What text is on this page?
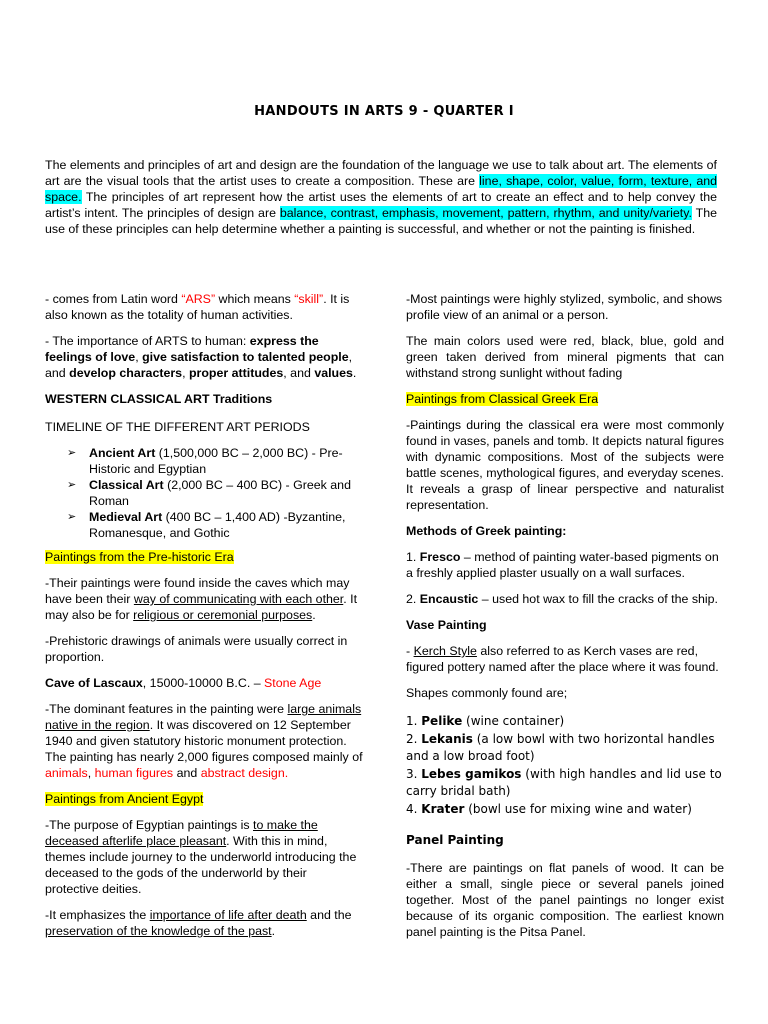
HANDOUTS IN ARTS 9 - QUARTER I
The elements and principles of art and design are the foundation of the language we use to talk about art. The elements of art are the visual tools that the artist uses to create a composition. These are line, shape, color, value, form, texture, and space. The principles of art represent how the artist uses the elements of art to create an effect and to help convey the artist’s intent. The principles of design are balance, contrast, emphasis, movement, pattern, rhythm, and unity/variety. The use of these principles can help determine whether a painting is successful, and whether or not the painting is finished.

- comes from Latin word “ARS” which means “skill”. It is also known as the totality of human activities.

- The importance of ARTS to human: express the feelings of love, give satisfaction to talented people, and develop characters, proper attitudes, and values.

WESTERN CLASSICAL ART Traditions

TIMELINE OF THE DIFFERENT ART PERIODS

➢ Ancient Art (1,500,000 BC – 2,000 BC) - Pre-Historic and Egyptian
➢ Classical Art (2,000 BC – 400 BC) - Greek and Roman
➢ Medieval Art (400 BC – 1,400 AD) -Byzantine, Romanesque, and Gothic

Paintings from the Pre-historic Era

-Their paintings were found inside the caves which may have been their way of communicating with each other. It may also be for religious or ceremonial purposes.

-Prehistoric drawings of animals were usually correct in proportion.

Cave of Lascaux, 15000-10000 B.C. – Stone Age

-The dominant features in the painting were large animals native in the region. It was discovered on 12 September 1940 and given statutory historic monument protection. The painting has nearly 2,000 figures composed mainly of animals, human figures and abstract design.

Paintings from Ancient Egypt

-The purpose of Egyptian paintings is to make the deceased afterlife place pleasant. With this in mind, themes include journey to the underworld introducing the deceased to the gods of the underworld by their protective deities.

-It emphasizes the importance of life after death and the preservation of the knowledge of the past.

-Most paintings were highly stylized, symbolic, and shows profile view of an animal or a person.

The main colors used were red, black, blue, gold and green taken derived from mineral pigments that can withstand strong sunlight without fading

Paintings from Classical Greek Era

-Paintings during the classical era were most commonly found in vases, panels and tomb. It depicts natural figures with dynamic compositions. Most of the subjects were battle scenes, mythological figures, and everyday scenes. It reveals a grasp of linear perspective and naturalist representation.

Methods of Greek painting:

1. Fresco – method of painting water-based pigments on a freshly applied plaster usually on a wall surfaces.

2. Encaustic – used hot wax to fill the cracks of the ship.

Vase Painting

- Kerch Style also referred to as Kerch vases are red, figured pottery named after the place where it was found.

Shapes commonly found are;

1. Pelike (wine container)
2. Lekanis (a low bowl with two horizontal handles and a low broad foot)
3. Lebes gamikos (with high handles and lid use to carry bridal bath)
4. Krater (bowl use for mixing wine and water)

Panel Painting

-There are paintings on flat panels of wood. It can be either a small, single piece or several panels joined together. Most of the panel paintings no longer exist because of its organic composition. The earliest known panel painting is the Pitsa Panel.
